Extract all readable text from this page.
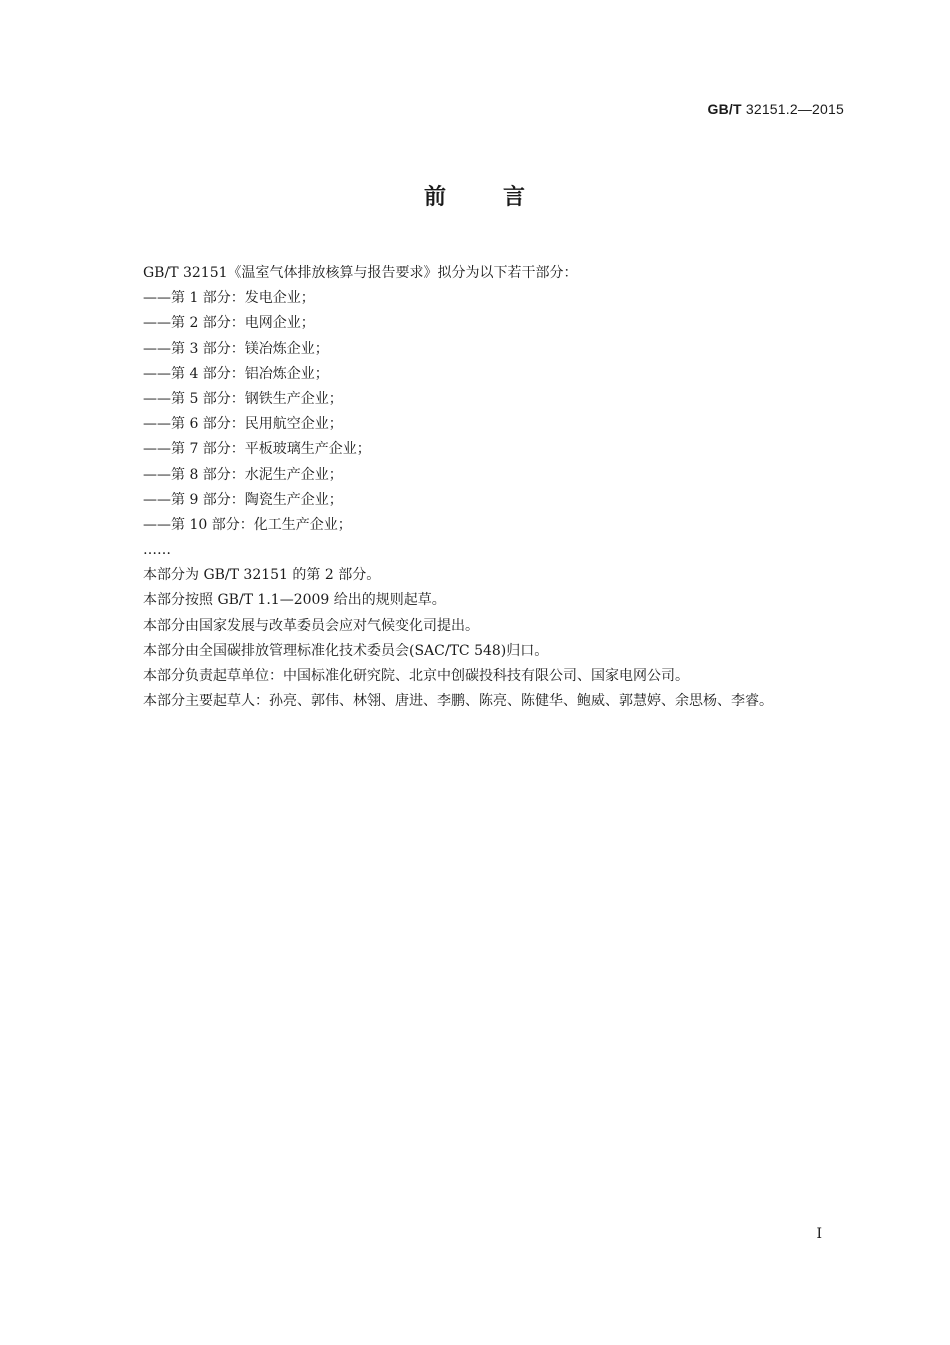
GB/T 32151.2—2015
前	言
GB/T 32151《温室气体排放核算与报告要求》拟分为以下若干部分：
——第 1 部分：发电企业；
——第 2 部分：电网企业；
——第 3 部分：镁冶炼企业；
——第 4 部分：铝冶炼企业；
——第 5 部分：钢铁生产企业；
——第 6 部分：民用航空企业；
——第 7 部分：平板玻璃生产企业；
——第 8 部分：水泥生产企业；
——第 9 部分：陶瓷生产企业；
——第 10 部分：化工生产企业；
……
本部分为 GB/T 32151 的第 2 部分。
本部分按照 GB/T 1.1—2009 给出的规则起草。
本部分由国家发展与改革委员会应对气候变化司提出。
本部分由全国碳排放管理标准化技术委员会(SAC/TC 548)归口。
本部分负责起草单位：中国标准化研究院、北京中创碳投科技有限公司、国家电网公司。
本部分主要起草人：孙亮、郭伟、林翎、唐进、李鹏、陈亮、陈健华、鲍威、郭慧婷、余思杨、李睿。
I
